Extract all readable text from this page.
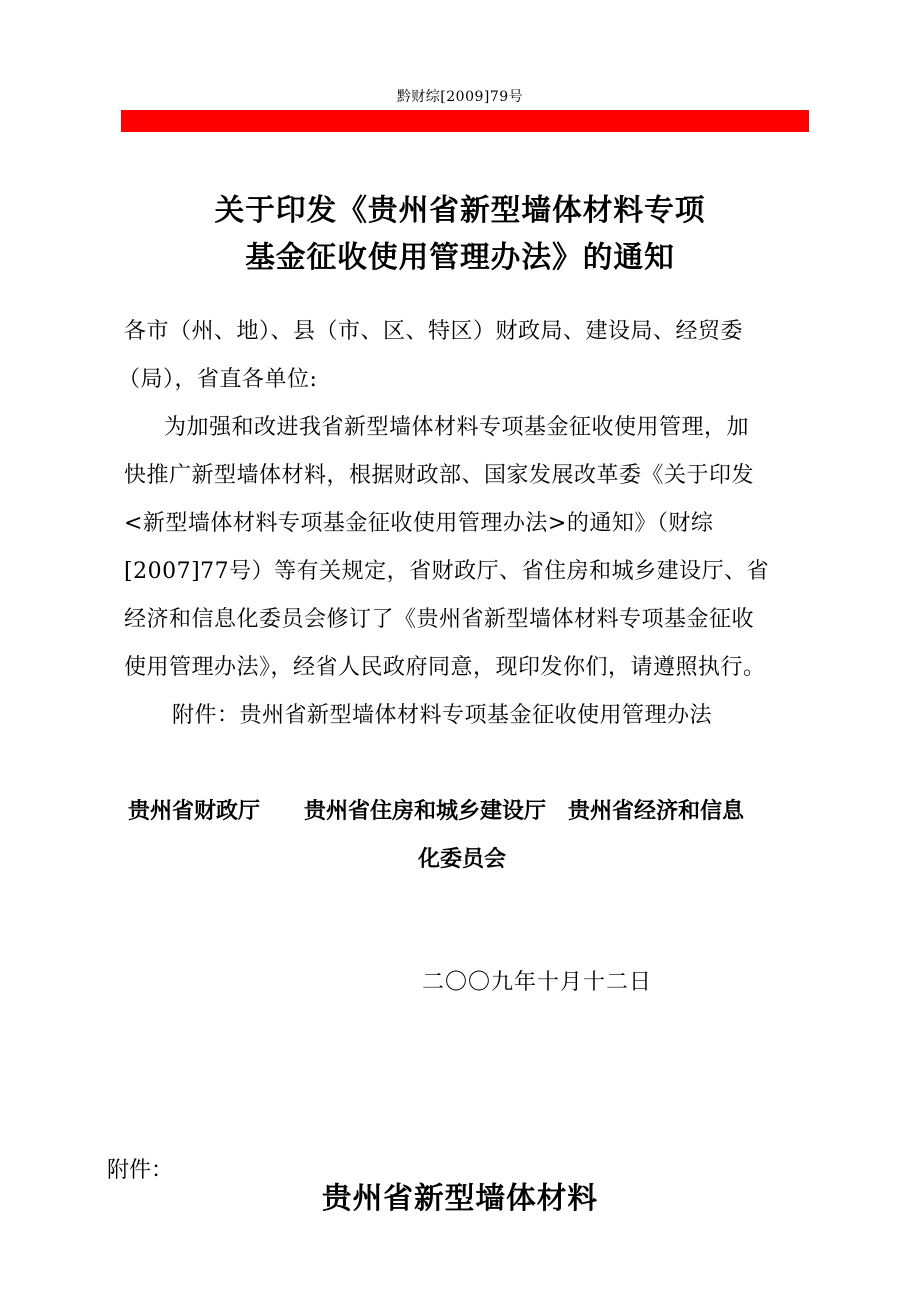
黔财综[2009]79号
关于印发《贵州省新型墙体材料专项
基金征收使用管理办法》的通知
各市（州、地）、县（市、区、特区）财政局、建设局、经贸委
（局），省直各单位:
为加强和改进我省新型墙体材料专项基金征收使用管理，加
快推广新型墙体材料，根据财政部、国家发展改革委《关于印发
<新型墙体材料专项基金征收使用管理办法>的通知》（财综
[2007]77号）等有关规定，省财政厅、省住房和城乡建设厅、省
经济和信息化委员会修订了《贵州省新型墙体材料专项基金征收
使用管理办法》，经省人民政府同意，现印发你们，请遵照执行。
附件：贵州省新型墙体材料专项基金征收使用管理办法
贵州省财政厅　　贵州省住房和城乡建设厅　贵州省经济和信息
化委员会
二〇〇九年十月十二日
附件：
贵州省新型墙体材料
